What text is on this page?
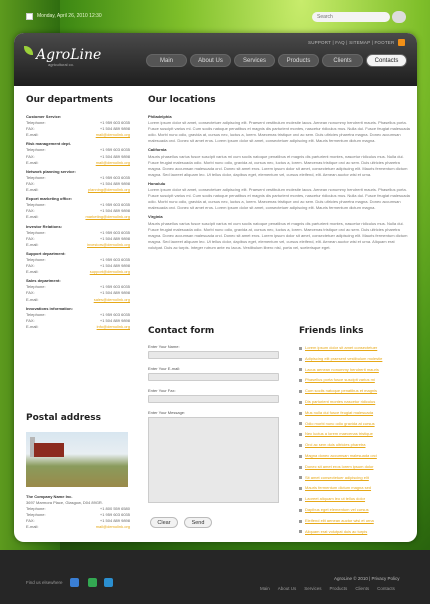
Monday, April 26, 2010 12:30
Search
AgroLine
agricultural co.
SUPPORT | FAQ | SITEMAP | FOOTER
Main	About Us	Services	Products	Clients	Contacts
Our departments
Customer Service:
Telephone:	+1 959 603 6035
FAX:	+1 504 889 9898
E-mail:	mail@demolink.org
Risk management dept.
Telephone:	+1 959 603 6035
FAX:	+1 504 889 9898
E-mail:	mail@demolink.org
Network planning service:
Telephone:	+1 959 603 6035
FAX:	+1 504 889 9898
E-mail:	planning@demolink.org
Export marketing office:
Telephone:	+1 959 603 6035
FAX:	+1 504 889 9898
E-mail:	marketing@demolink.org
Investor Relations:
Telephone:	+1 959 603 6035
FAX:	+1 504 889 9898
E-mail:	investors@demolink.org
Support department:
Telephone:	+1 959 603 6035
FAX:	+1 504 889 9898
E-mail:	support@demolink.org
Sales department:
Telephone:	+1 959 603 6035
FAX:	+1 504 889 9898
E-mail:	sales@demolink.org
Innovations information:
Telephone:	+1 959 603 6035
FAX:	+1 504 889 9898
E-mail:	info@demolink.org
Our locations
Philadelphia
Lorem ipsum dolor sit amet, consectetuer adipiscing elit. Praesent vestibulum molestie lacus. Aenean nonummy hendrerit mauris. Phasellus porta. Fusce suscipit varius mi. Cum sociis natoque penatibus et magnis dis parturient montes, nascetur ridiculus mus. Nulla dui. Fusce feugiat malesuada odio. Morbi nunc odio, gravida at, cursus nec, luctus a, lorem. Maecenas tristique orci ac sem. Duis ultricies pharetra magna. Donec accumsan malesuada orci. Donec sit amet eros. Lorem ipsum dolor sit amet, consectetuer adipiscing elit. Mauris fermentum dictum magna.
California
Mauris phasellus varius fusce suscipit varius mi cum sociis natoque penatibus et magnis dis parturient montes, nascetur ridiculus mus. Nulla dui. Fusce feugiat malesuada odio. Morbi nunc odio, gravida at, cursus nec, luctus a, lorem. Maecenas tristique orci ac sem. Duis ultricies pharetra magna. Donec accumsan malesuada orci. Donec sit amet eros. Lorem ipsum dolor sit amet, consectetuer adipiscing elit. Mauris fermentum dictum magna. Sed laoreet aliquam leo. Ut tellus dolor, dapibus eget, elementum vel, cursus eleifend, elit. Aenean auctor wisi et urna.
Honolulu
Lorem ipsum dolor sit amet, consectetuer adipiscing elit. Praesent vestibulum molestie lacus. Aenean nonummy hendrerit mauris. Phasellus porta. Fusce suscipit varius mi. Cum sociis natoque penatibus et magnis dis parturient montes, nascetur ridiculus mus. Nulla dui. Fusce feugiat malesuada odio. Morbi nunc odio, gravida at, cursus nec, luctus a, lorem. Maecenas tristique orci ac sem. Duis ultricies pharetra magna. Donec accumsan malesuada orci. Donec sit amet eros. Lorem ipsum dolor sit amet, consectetuer adipiscing elit. Mauris fermentum dictum magna.
Virginia
Mauris phasellus varius fusce suscipit varius mi cum sociis natoque penatibus et magnis dis parturient montes, nascetur ridiculus mus. Nulla dui. Fusce feugiat malesuada odio. Morbi nunc odio, gravida at, cursus nec, luctus a, lorem. Maecenas tristique orci ac sem. Duis ultricies pharetra magna. Donec accumsan malesuada orci. Donec sit amet eros. Lorem ipsum dolor sit amet, consectetuer adipiscing elit. Mauris fermentum dictum magna. Sed laoreet aliquam leo. Ut tellus dolor, dapibus eget, elementum vel, cursus eleifend, elit. Aenean auctor wisi et urna. Aliquam erat volutpat. Duis ac turpis. Integer rutrum ante eu lacus. Vestibulum libero nisl, porta vel, scelerisque eget.
Postal address
The Company Name Inc.
3697 Marmora Place, Glasgow, D04 89GR.
Telephone:	+1 800 559 6580
Telephone:	+1 959 603 6035
FAX:	+1 504 889 9898
E-mail:	mail@demolink.org
Contact form
Enter Your Name:
Enter Your E-mail:
Enter Your Fax:
Enter Your Message:
Clear	Send
Friends links
Lorem ipsum dolor sit amet consectetuer
Adipiscing elit praesent vestibulum molestie
Lacus aenean nonummy hendrerit mauris
Phasellus porta fusce suscipit varius mi
Cum sociis natoque penatibus et magnis
Dis parturient montes nascetur ridiculus
Mus nulla dui fusce feugiat malesuada
Odio morbi nunc odio gravida at cursus
Nec luctus a lorem maecenas tristique
Orci ac sem duis ultricies pharetra
Magna donec accumsan malesuada orci
Donec sit amet eros lorem ipsum dolor
Sit amet consectetuer adipiscing elit
Mauris fermentum dictum magna sed
Laoreet aliquam leo ut tellus dolor
Dapibus eget elementum vel cursus
Eleifend elit aenean auctor wisi et urna
Aliquam erat volutpat duis ac turpis
Find us elsewhere
AgroLine © 2010 | Privacy Policy
Main About Us Services Products Clients Contacts
